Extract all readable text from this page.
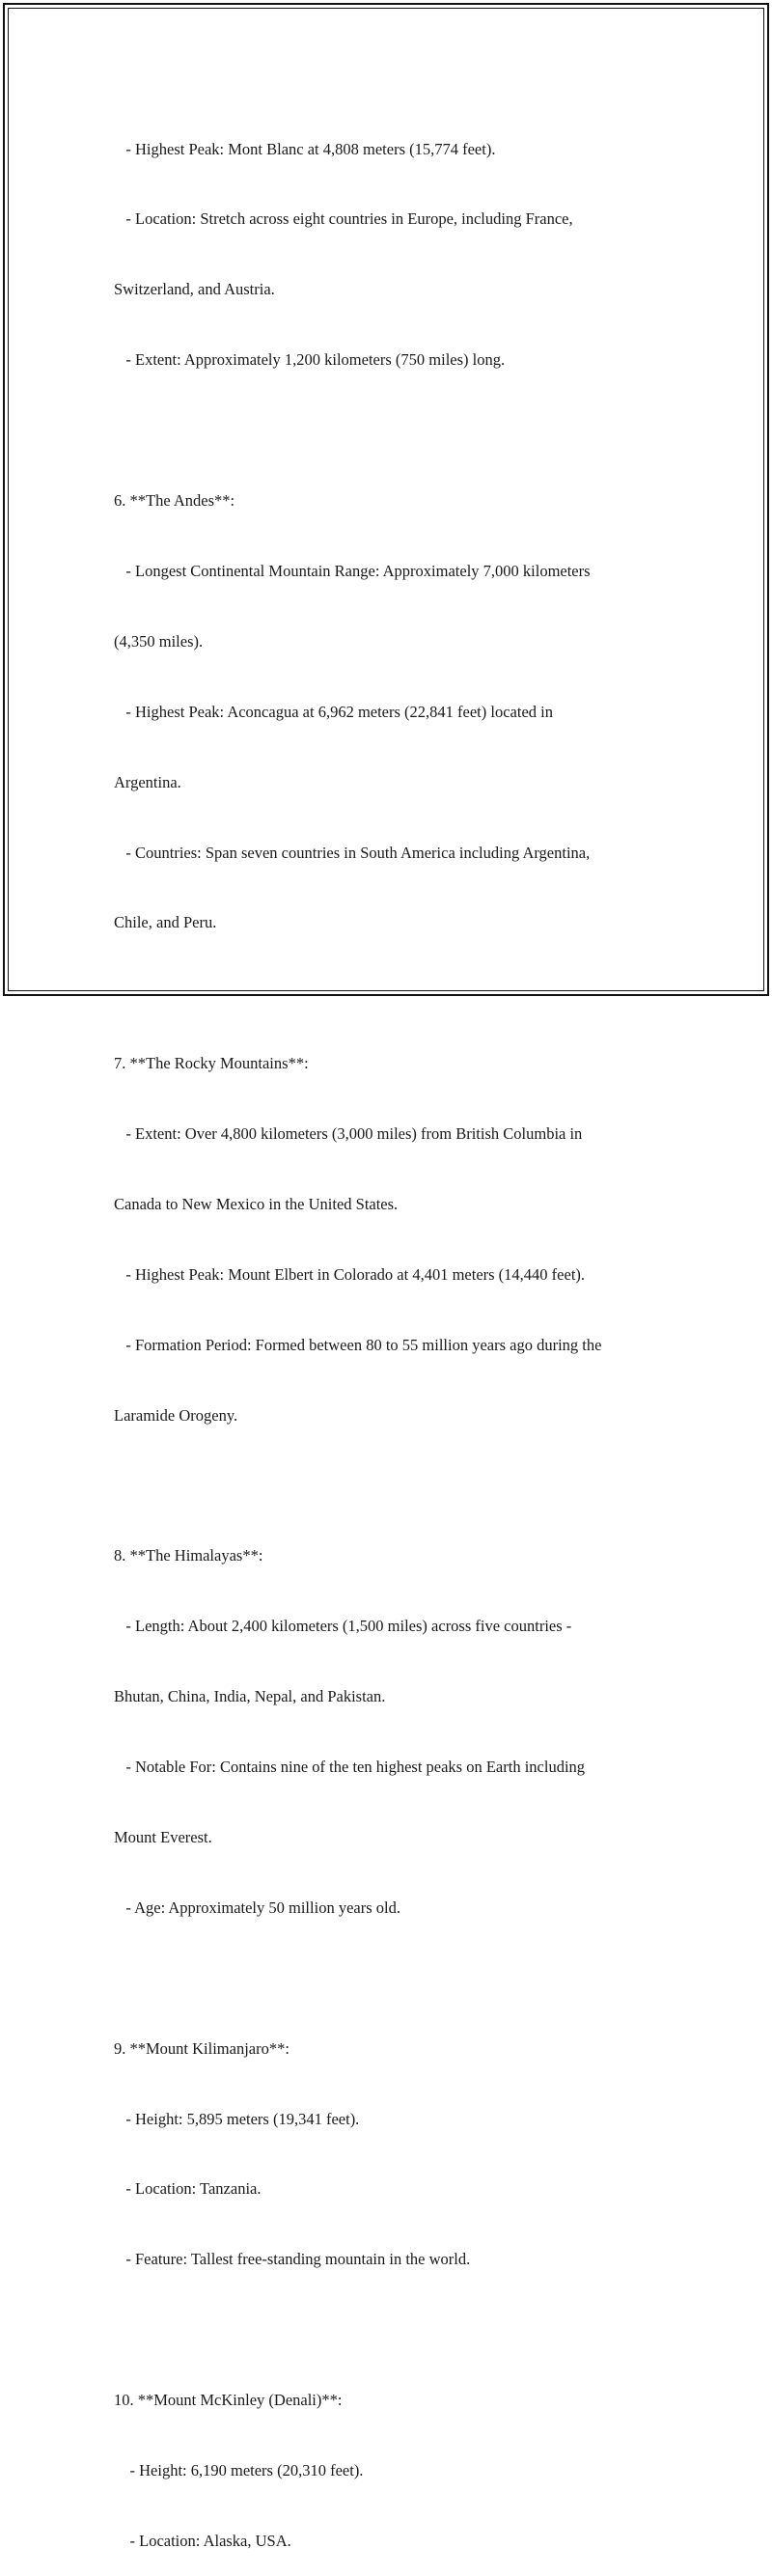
- Highest Peak: Mont Blanc at 4,808 meters (15,774 feet).

- Location: Stretch across eight countries in Europe, including France,

Switzerland, and Austria.

- Extent: Approximately 1,200 kilometers (750 miles) long.

6. **The Andes**:

- Longest Continental Mountain Range: Approximately 7,000 kilometers

(4,350 miles).

- Highest Peak: Aconcagua at 6,962 meters (22,841 feet) located in

Argentina.

- Countries: Span seven countries in South America including Argentina,

Chile, and Peru.

7. **The Rocky Mountains**:

- Extent: Over 4,800 kilometers (3,000 miles) from British Columbia in

Canada to New Mexico in the United States.

- Highest Peak: Mount Elbert in Colorado at 4,401 meters (14,440 feet).

- Formation Period: Formed between 80 to 55 million years ago during the

Laramide Orogeny.

8. **The Himalayas**:

- Length: About 2,400 kilometers (1,500 miles) across five countries -

Bhutan, China, India, Nepal, and Pakistan.

- Notable For: Contains nine of the ten highest peaks on Earth including

Mount Everest.

- Age: Approximately 50 million years old.

9. **Mount Kilimanjaro**:

- Height: 5,895 meters (19,341 feet).

- Location: Tanzania.

- Feature: Tallest free-standing mountain in the world.

10. **Mount McKinley (Denali)**:

- Height: 6,190 meters (20,310 feet).

- Location: Alaska, USA.
